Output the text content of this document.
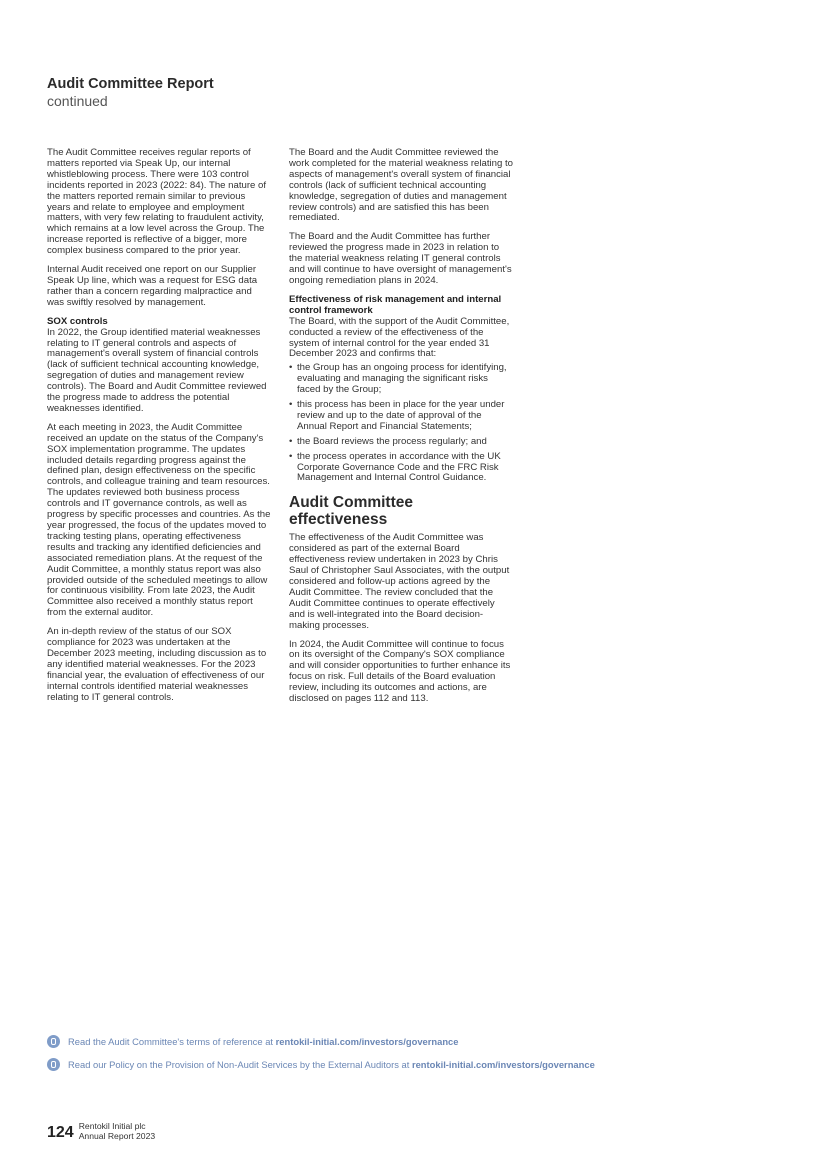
Audit Committee Report
continued

The Audit Committee receives regular reports of matters reported via Speak Up, our internal whistleblowing process. There were 103 control incidents reported in 2023 (2022: 84). The nature of the matters reported remain similar to previous years and relate to employee and employment matters, with very few relating to fraudulent activity, which remains at a low level across the Group. The increase reported is reflective of a bigger, more complex business compared to the prior year.

Internal Audit received one report on our Supplier Speak Up line, which was a request for ESG data rather than a concern regarding malpractice and was swiftly resolved by management.

SOX controls

In 2022, the Group identified material weaknesses relating to IT general controls and aspects of management's overall system of financial controls (lack of sufficient technical accounting knowledge, segregation of duties and management review controls). The Board and Audit Committee reviewed the progress made to address the potential weaknesses identified.

At each meeting in 2023, the Audit Committee received an update on the status of the Company's SOX implementation programme. The updates included details regarding progress against the defined plan, design effectiveness on the specific controls, and colleague training and team resources. The updates reviewed both business process controls and IT governance controls, as well as progress by specific processes and countries. As the year progressed, the focus of the updates moved to tracking testing plans, operating effectiveness results and tracking any identified deficiencies and associated remediation plans. At the request of the Audit Committee, a monthly status report was also provided outside of the scheduled meetings to allow for continuous visibility. From late 2023, the Audit Committee also received a monthly status report from the external auditor.

An in-depth review of the status of our SOX compliance for 2023 was undertaken at the December 2023 meeting, including discussion as to any identified material weaknesses. For the 2023 financial year, the evaluation of effectiveness of our internal controls identified material weaknesses relating to IT general controls.

The Board and the Audit Committee reviewed the work completed for the material weakness relating to aspects of management's overall system of financial controls (lack of sufficient technical accounting knowledge, segregation of duties and management review controls) and are satisfied this has been remediated.

The Board and the Audit Committee has further reviewed the progress made in 2023 in relation to the material weakness relating IT general controls and will continue to have oversight of management's ongoing remediation plans in 2024.

Effectiveness of risk management and internal control framework

The Board, with the support of the Audit Committee, conducted a review of the effectiveness of the system of internal control for the year ended 31 December 2023 and confirms that:

• the Group has an ongoing process for identifying, evaluating and managing the significant risks faced by the Group;
• this process has been in place for the year under review and up to the date of approval of the Annual Report and Financial Statements;
• the Board reviews the process regularly; and
• the process operates in accordance with the UK Corporate Governance Code and the FRC Risk Management and Internal Control Guidance.
Audit Committee effectiveness

The effectiveness of the Audit Committee was considered as part of the external Board effectiveness review undertaken in 2023 by Chris Saul of Christopher Saul Associates, with the output considered and follow-up actions agreed by the Audit Committee. The review concluded that the Audit Committee continues to operate effectively and is well-integrated into the Board decision-making processes.

In 2024, the Audit Committee will continue to focus on its oversight of the Company's SOX compliance and will consider opportunities to further enhance its focus on risk. Full details of the Board evaluation review, including its outcomes and actions, are disclosed on pages 112 and 113.

Read the Audit Committee's terms of reference at
rentokil-initial.com/investors/governance
Read our Policy on the Provision of Non-Audit Services by the External Auditors at
rentokil-initial.com/investors/governance
124 Rentokil Initial plc
Annual Report 2023
